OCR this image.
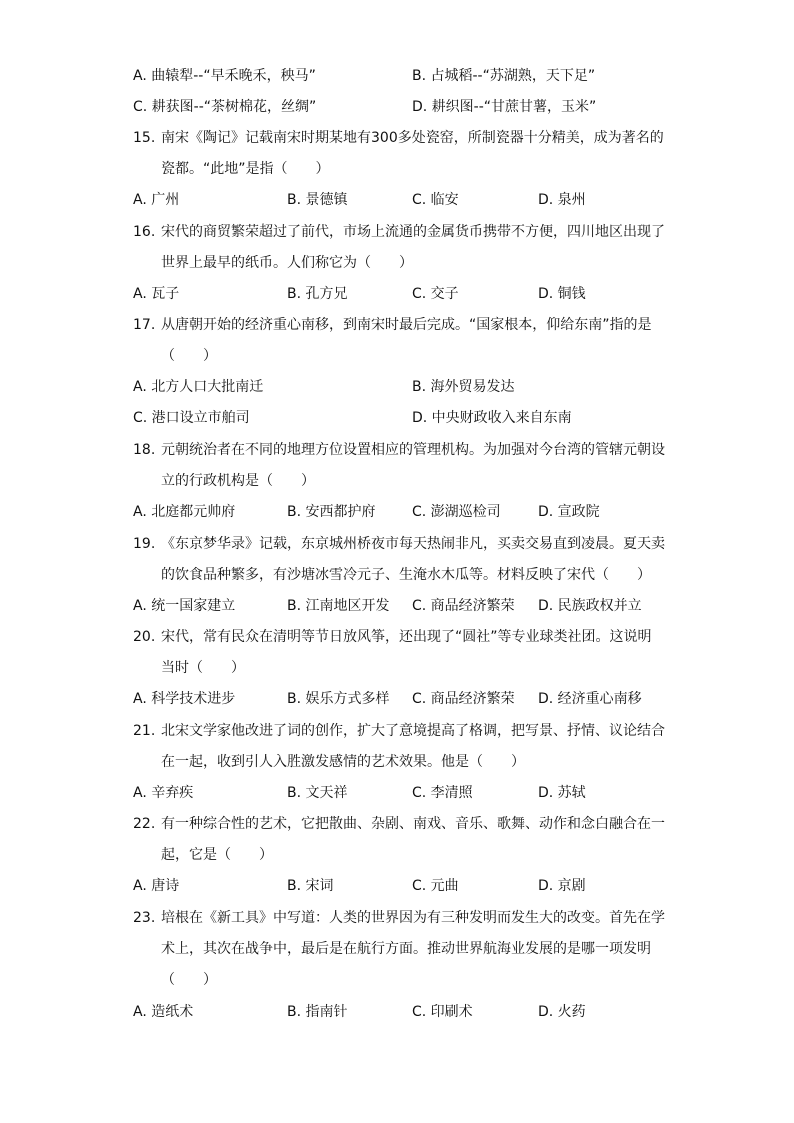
A. 曲辕犁--“早禾晚禾，秧马”	B. 占城稻--“苏湖熟，天下足”
C. 耕获图--“茶树棉花，丝绸”	D. 耕织图--“甘蔗甘薯，玉米”
15. 南宋《陶记》记载南宋时期某地有300多处瓷窑，所制瓷器十分精美，成为著名的
瓷都。“此地”是指（　　）
A. 广州	B. 景德镇	C. 临安	D. 泉州
16. 宋代的商贸繁荣超过了前代，市场上流通的金属货币携带不方便，四川地区出现了
世界上最早的纸币。人们称它为（　　）
A. 瓦子	B. 孔方兄	C. 交子	D. 铜钱
17. 从唐朝开始的经济重心南移，到南宋时最后完成。“国家根本，仰给东南”指的是
（　　）
A. 北方人口大批南迁	B. 海外贸易发达
C. 港口设立市舶司	D. 中央财政收入来自东南
18. 元朝统治者在不同的地理方位设置相应的管理机构。为加强对今台湾的管辖元朝设
立的行政机构是（　　）
A. 北庭都元帅府	B. 安西都护府	C. 澎湖巡检司	D. 宣政院
19. 《东京梦华录》记载，东京城州桥夜市每天热闹非凡，买卖交易直到凌晨。夏天卖
的饮食品种繁多，有沙塘冰雪冷元子、生淹水木瓜等。材料反映了宋代（　　）
A. 统一国家建立	B. 江南地区开发 C. 商品经济繁荣 D. 民族政权并立
20. 宋代，常有民众在清明等节日放风筝，还出现了“圆社”等专业球类社团。这说明
当时（　　）
A. 科学技术进步	B. 娱乐方式多样 C. 商品经济繁荣 D. 经济重心南移
21. 北宋文学家他改进了词的创作，扩大了意境提高了格调，把写景、抒情、议论结合
在一起，收到引人入胜激发感情的艺术效果。他是（　　）
A. 辛弃疾	B. 文天祥	C. 李清照	D. 苏轼
22. 有一种综合性的艺术，它把散曲、杂剧、南戏、音乐、歌舞、动作和念白融合在一
起，它是（　　）
A. 唐诗	B. 宋词	C. 元曲	D. 京剧
23. 培根在《新工具》中写道：人类的世界因为有三种发明而发生大的改变。首先在学
术上，其次在战争中，最后是在航行方面。推动世界航海业发展的是哪一项发明
（　　）
A. 造纸术	B. 指南针	C. 印刷术	D. 火药
